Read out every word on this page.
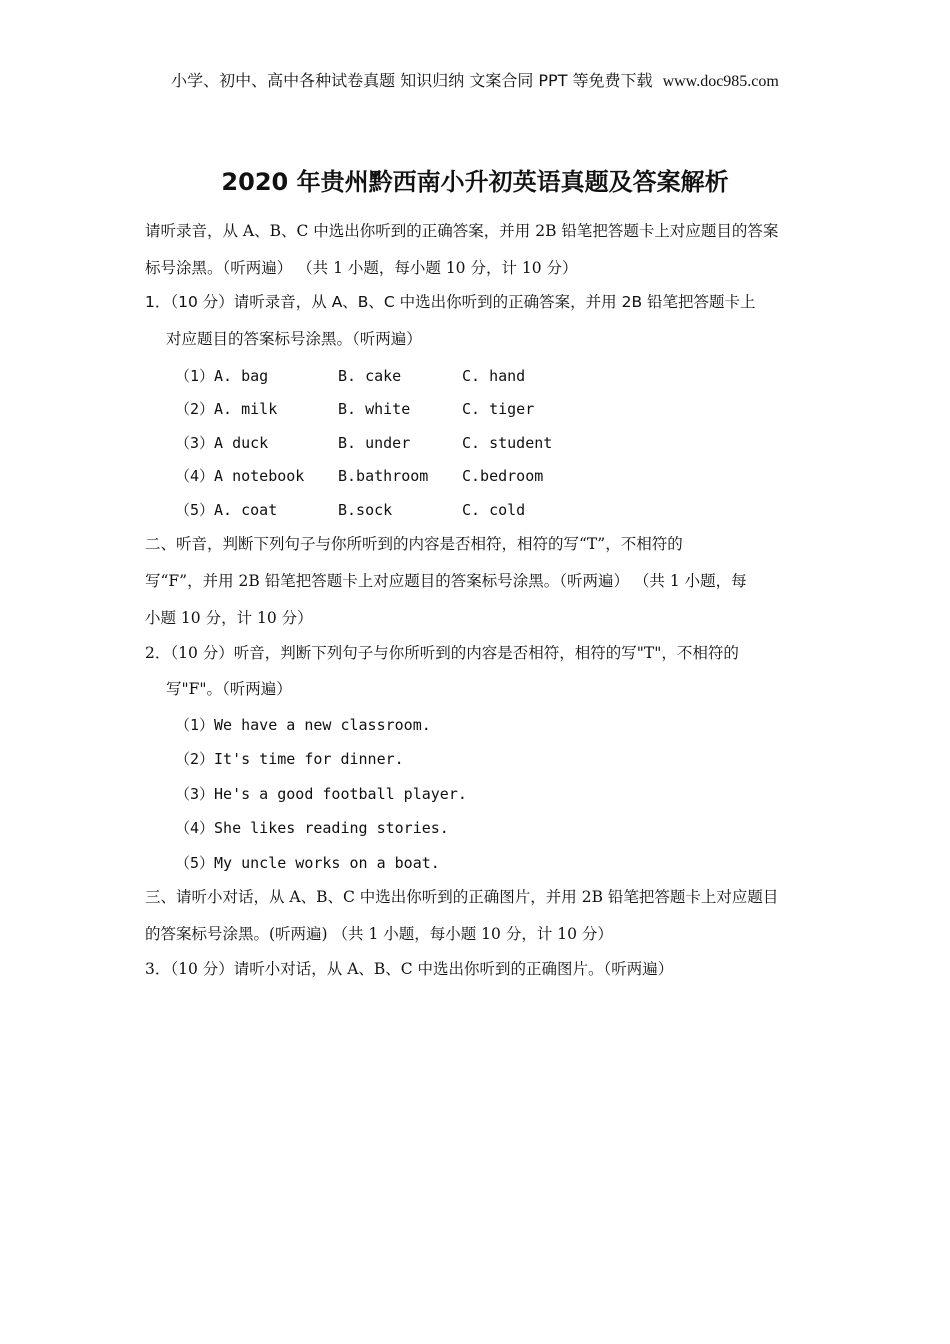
小学、初中、高中各种试卷真题 知识归纳 文案合同 PPT 等免费下载 www.doc985.com
2020 年贵州黔西南小升初英语真题及答案解析
请听录音，从 A、B、C 中选出你听到的正确答案，并用 2B 铅笔把答题卡上对应题目的答案
标号涂黑。（听两遍） （共 1 小题，每小题 10 分，计 10 分）
1．（10 分）请听录音，从 A、B、C 中选出你听到的正确答案，并用 2B 铅笔把答题卡上
对应题目的答案标号涂黑。（听两遍）
（1）A. bag	B. cake	C. hand
（2）A. milk	B. white	C. tiger
（3）A duck	B. under	C. student
（4）A notebook B.bathroom C.bedroom
（5）A. coat	B.sock	C. cold
二、听音，判断下列句子与你所听到的内容是否相符，相符的写“T”，不相符的
写“F”，并用 2B 铅笔把答题卡上对应题目的答案标号涂黑。（听两遍） （共 1 小题，每
小题 10 分，计 10 分）
2．（10 分）听音，判断下列句子与你所听到的内容是否相符，相符的写"T"，不相符的
写"F"。（听两遍）
（1）We have a new classroom.
（2）It's time for dinner.
（3）He's a good football player.
（4）She likes reading stories.
（5）My uncle works on a boat.
三、请听小对话，从 A、B、C 中选出你听到的正确图片，并用 2B 铅笔把答题卡上对应题目
的答案标号涂黑。(听两遍) （共 1 小题，每小题 10 分，计 10 分）
3．（10 分）请听小对话，从 A、B、C 中选出你听到的正确图片。（听两遍）
